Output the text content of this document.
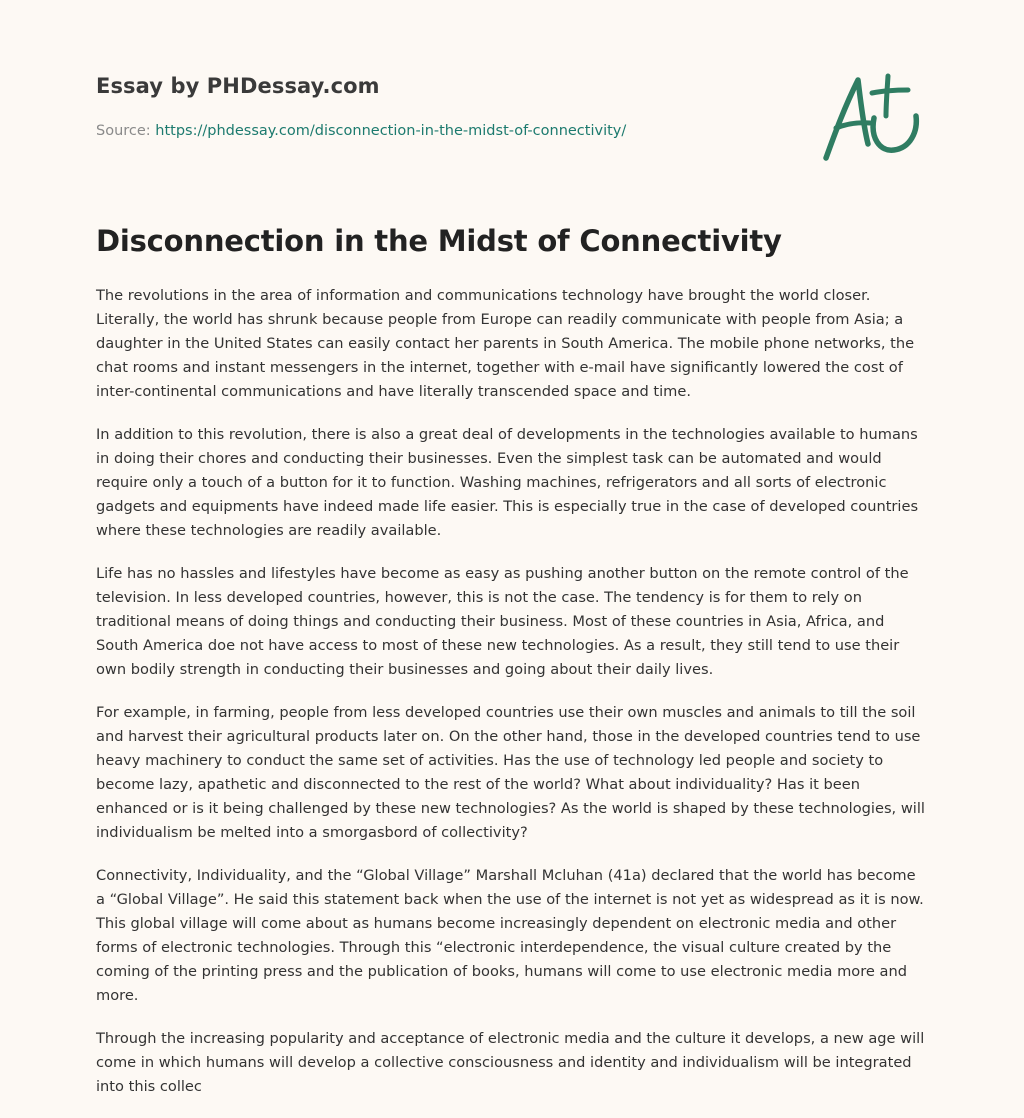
Essay by PHDessay.com
Source: https://phdessay.com/disconnection-in-the-midst-of-connectivity/
Disconnection in the Midst of Connectivity

The revolutions in the area of information and communications technology have brought the world closer. Literally, the world has shrunk because people from Europe can readily communicate with people from Asia; a daughter in the United States can easily contact her parents in South America. The mobile phone networks, the chat rooms and instant messengers in the internet, together with e-mail have significantly lowered the cost of inter-continental communications and have literally transcended space and time.

In addition to this revolution, there is also a great deal of developments in the technologies available to humans in doing their chores and conducting their businesses. Even the simplest task can be automated and would require only a touch of a button for it to function. Washing machines, refrigerators and all sorts of electronic gadgets and equipments have indeed made life easier. This is especially true in the case of developed countries where these technologies are readily available.

Life has no hassles and lifestyles have become as easy as pushing another button on the remote control of the television. In less developed countries, however, this is not the case. The tendency is for them to rely on traditional means of doing things and conducting their business. Most of these countries in Asia, Africa, and South America doe not have access to most of these new technologies. As a result, they still tend to use their own bodily strength in conducting their businesses and going about their daily lives.

For example, in farming, people from less developed countries use their own muscles and animals to till the soil and harvest their agricultural products later on. On the other hand, those in the developed countries tend to use heavy machinery to conduct the same set of activities. Has the use of technology led people and society to become lazy, apathetic and disconnected to the rest of the world? What about individuality? Has it been enhanced or is it being challenged by these new technologies? As the world is shaped by these technologies, will individualism be melted into a smorgasbord of collectivity?

Connectivity, Individuality, and the “Global Village” Marshall Mcluhan (41a) declared that the world has become a “Global Village”. He said this statement back when the use of the internet is not yet as widespread as it is now. This global village will come about as humans become increasingly dependent on electronic media and other forms of electronic technologies. Through this “electronic interdependence, the visual culture created by the coming of the printing press and the publication of books, humans will come to use electronic media more and more.

Through the increasing popularity and acceptance of electronic media and the culture it develops, a new age will come in which humans will develop a collective consciousness and identity and individualism will be integrated into this collec
